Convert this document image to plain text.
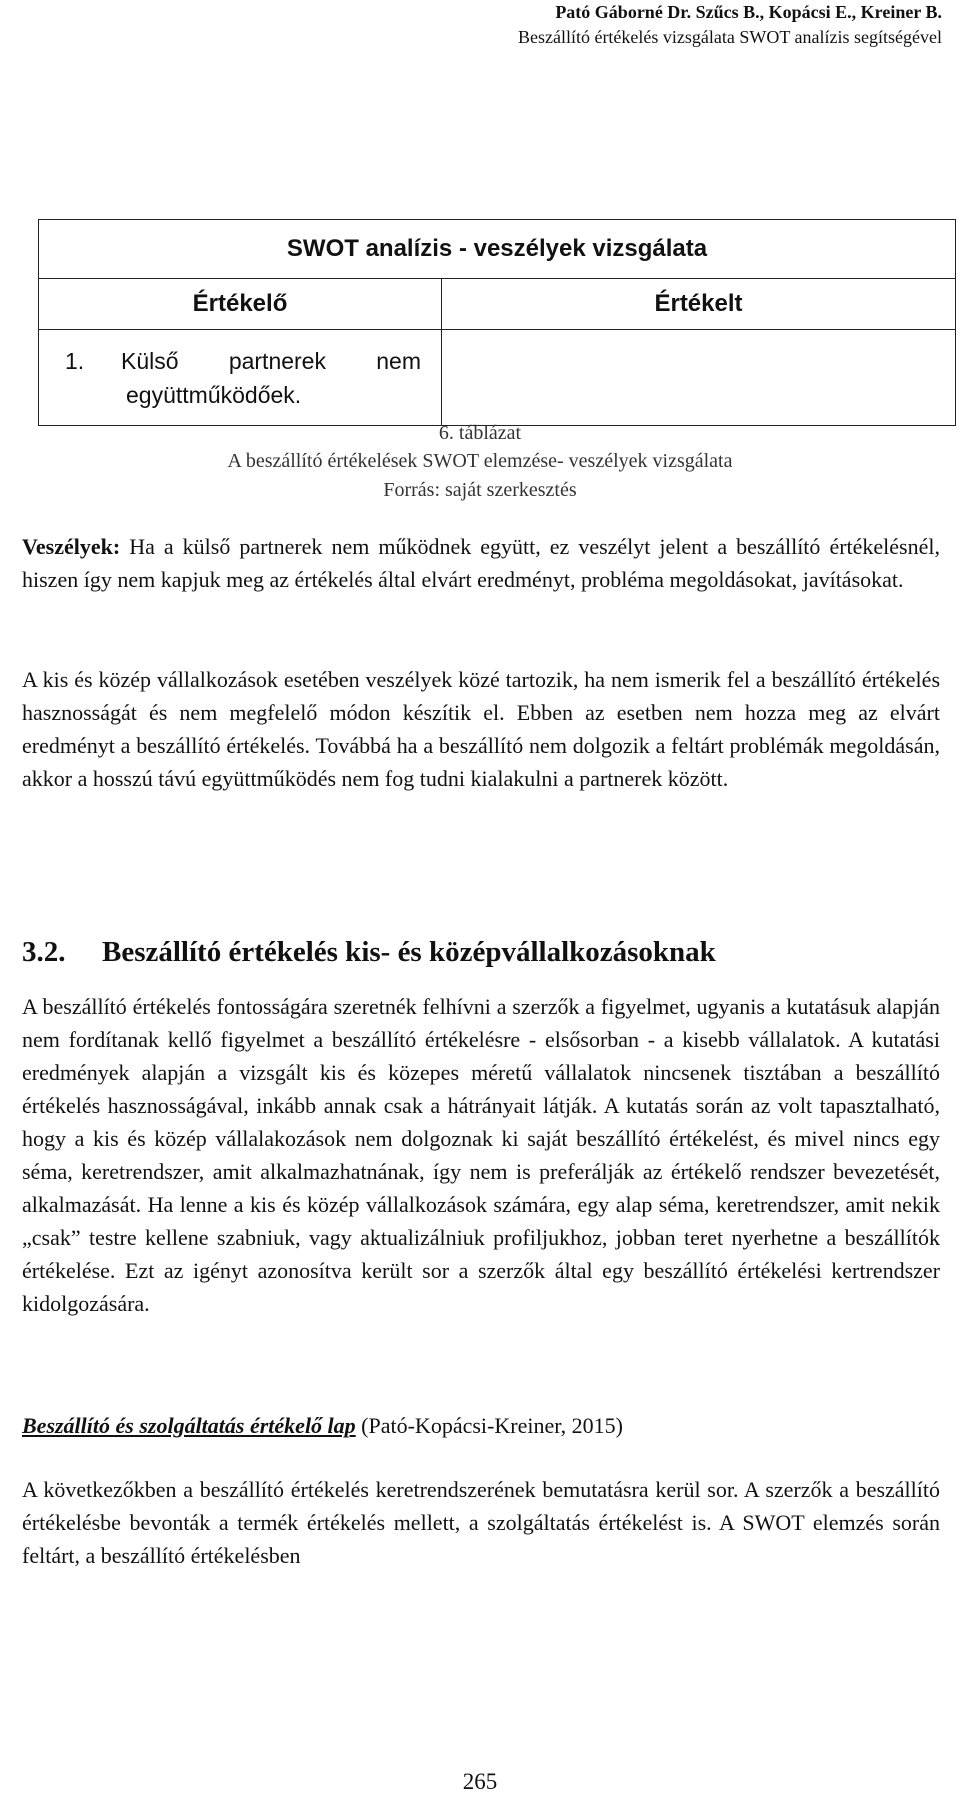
Pató Gáborné Dr. Szűcs B., Kopácsi E., Kreiner B.
Beszállító értékelés vizsgálata SWOT analízis segítségével
SWOT analízis - veszélyek vizsgálata	
Értékelő	Értékelt

1. Külső partnerek nem
együttműködőek.	

6. táblázat
A beszállító értékelések SWOT elemzése- veszélyek vizsgálata
Forrás: saját szerkesztés
Veszélyek: Ha a külső partnerek nem működnek együtt, ez veszélyt jelent a beszállító értékelésnél, hiszen így nem kapjuk meg az értékelés által elvárt eredményt, probléma megoldásokat, javításokat.
A kis és közép vállalkozások esetében veszélyek közé tartozik, ha nem ismerik fel a beszállító értékelés hasznosságát és nem megfelelő módon készítik el. Ebben az esetben nem hozza meg az elvárt eredményt a beszállító értékelés. Továbbá ha a beszállító nem dolgozik a feltárt problémák megoldásán, akkor a hosszú távú együttműködés nem fog tudni kialakulni a partnerek között.
3.2. Beszállító értékelés kis- és középvállalkozásoknak
A beszállító értékelés fontosságára szeretnék felhívni a szerzők a figyelmet, ugyanis a kutatásuk alapján nem fordítanak kellő figyelmet a beszállító értékelésre - elsősorban - a kisebb vállalatok. A kutatási eredmények alapján a vizsgált kis és közepes méretű vállalatok nincsenek tisztában a beszállító értékelés hasznosságával, inkább annak csak a hátrányait látják. A kutatás során az volt tapasztalható, hogy a kis és közép vállalakozások nem dolgoznak ki saját beszállító értékelést, és mivel nincs egy séma, keretrendszer, amit alkalmazhatnának, így nem is preferálják az értékelő rendszer bevezetését, alkalmazását. Ha lenne a kis és közép vállalkozások számára, egy alap séma, keretrendszer, amit nekik „csak” testre kellene szabniuk, vagy aktualizálniuk profiljukhoz, jobban teret nyerhetne a beszállítók értékelése. Ezt az igényt azonosítva került sor a szerzők által egy beszállító értékelési kertrendszer kidolgozására.
Beszállító és szolgáltatás értékelő lap (Pató-Kopácsi-Kreiner, 2015)
A következőkben a beszállító értékelés keretrendszerének bemutatásra kerül sor. A szerzők a beszállító értékelésbe bevonták a termék értékelés mellett, a szolgáltatás értékelést is. A SWOT elemzés során feltárt, a beszállító értékelésben
265
